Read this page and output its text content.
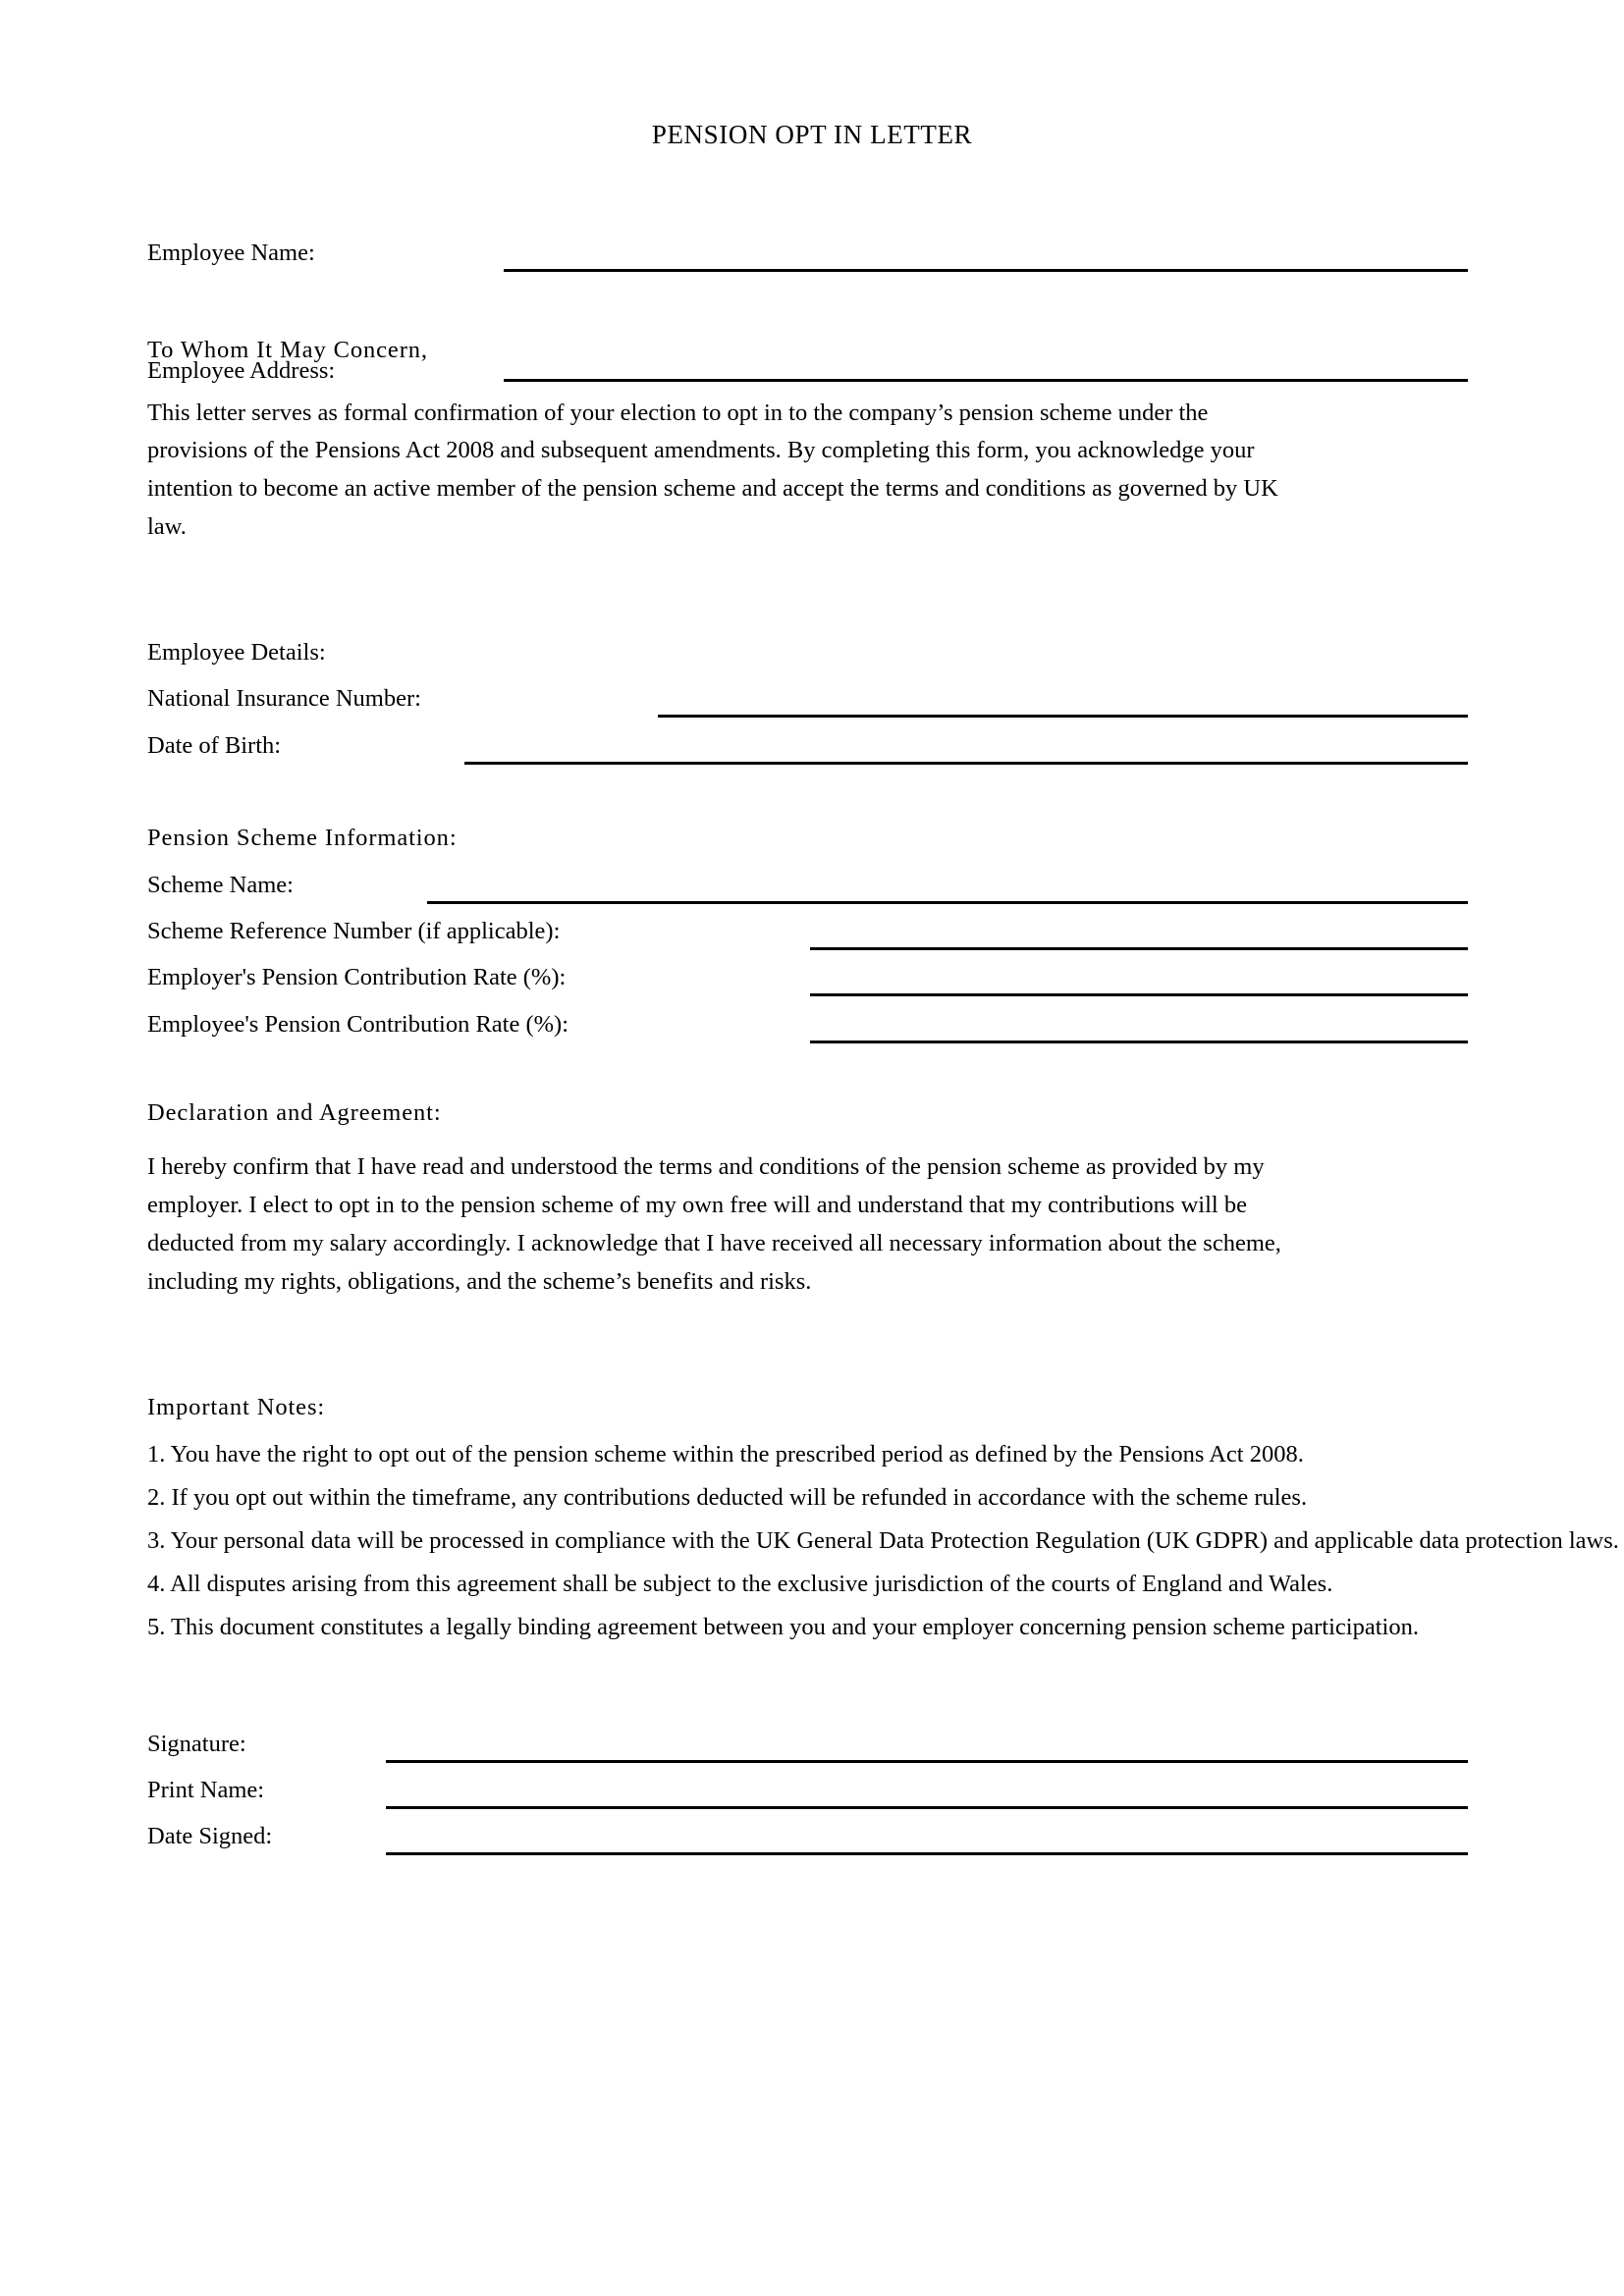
PENSION OPT IN LETTER
Employee Name:
To Whom It May Concern,
Employee Address:
This letter serves as formal confirmation of your election to opt in to the company’s pension scheme under the
provisions of the Pensions Act 2008 and subsequent amendments. By completing this form, you acknowledge your
intention to become an active member of the pension scheme and accept the terms and conditions as governed by UK
law.
Employee Details:
National Insurance Number:
Date of Birth:
Pension Scheme Information:
Scheme Name:
Scheme Reference Number (if applicable):
Employer's Pension Contribution Rate (%):
Employee's Pension Contribution Rate (%):
Declaration and Agreement:
I hereby confirm that I have read and understood the terms and conditions of the pension scheme as provided by my
employer. I elect to opt in to the pension scheme of my own free will and understand that my contributions will be
deducted from my salary accordingly. I acknowledge that I have received all necessary information about the scheme,
including my rights, obligations, and the scheme’s benefits and risks.
Important Notes:
1. You have the right to opt out of the pension scheme within the prescribed period as defined by the Pensions Act 2008.
2. If you opt out within the timeframe, any contributions deducted will be refunded in accordance with the scheme rules.
3. Your personal data will be processed in compliance with the UK General Data Protection Regulation (UK GDPR) and applicable data protection laws.
4. All disputes arising from this agreement shall be subject to the exclusive jurisdiction of the courts of England and Wales.
5. This document constitutes a legally binding agreement between you and your employer concerning pension scheme participation.
Signature:
Print Name:
Date Signed:
